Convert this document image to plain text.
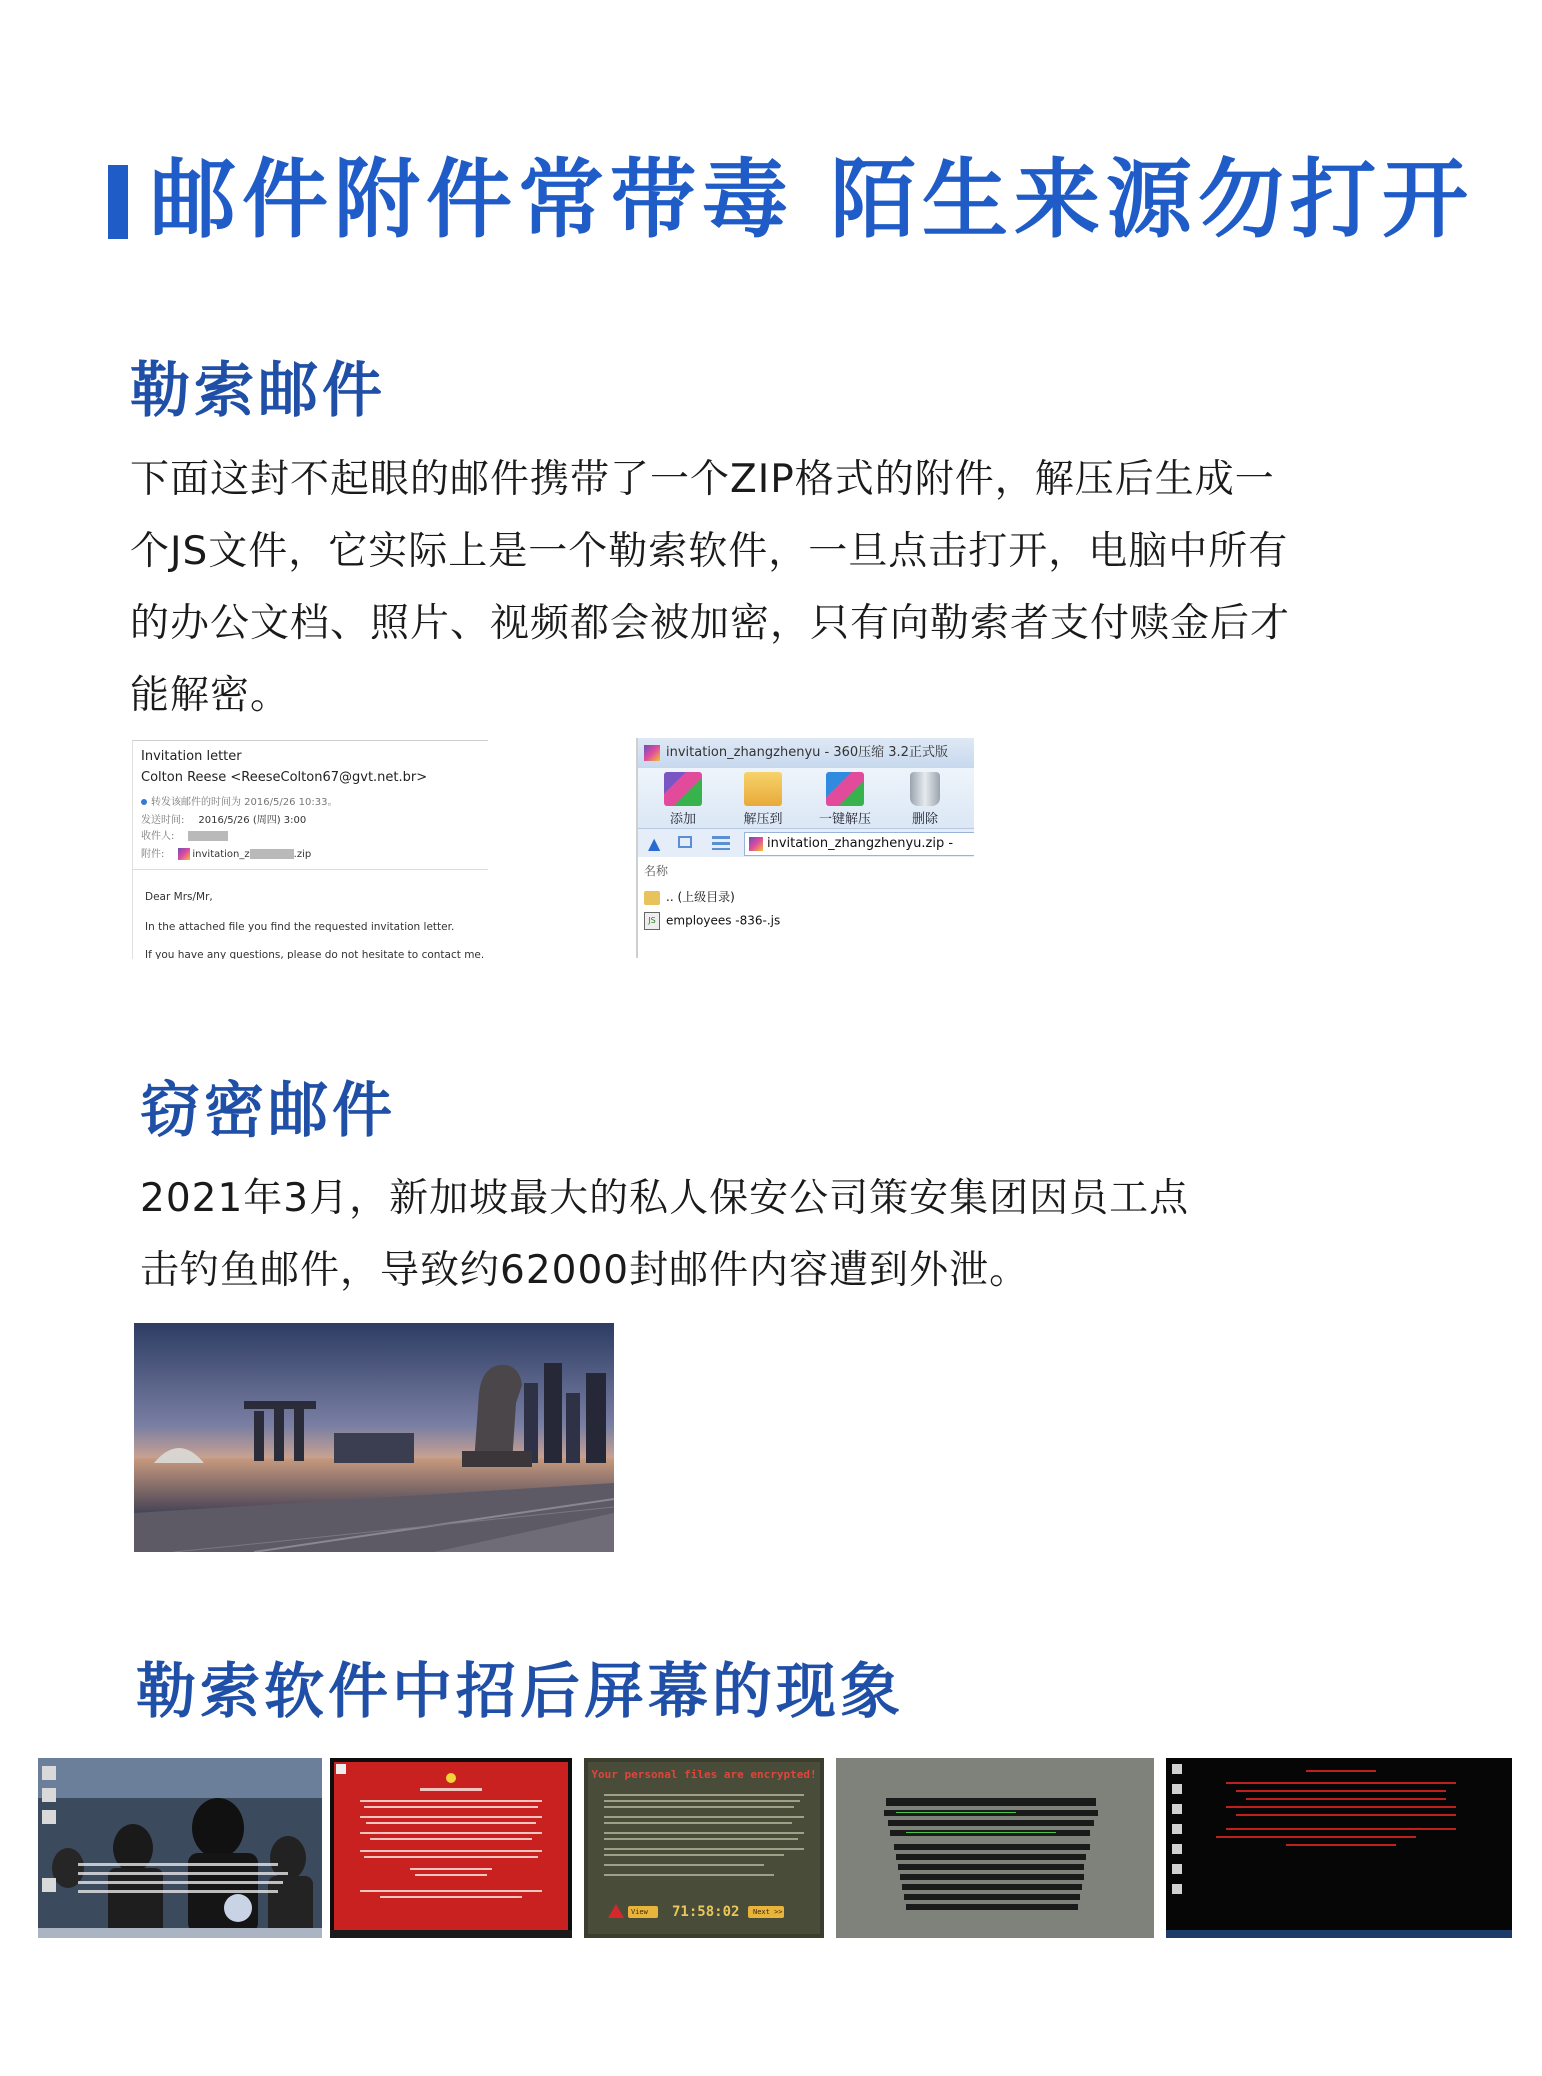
邮件附件常带毒 陌生来源勿打开
勒索邮件

下面这封不起眼的邮件携带了一个ZIP格式的附件，解压后生成一

个JS文件，它实际上是一个勒索软件，一旦点击打开，电脑中所有

的办公文档、照片、视频都会被加密，只有向勒索者支付赎金后才

能解密。

Invitation letter
Colton Reese <ReeseColton67@gvt.net.br>
转发该邮件的时间为 2016/5/26 10:33。
发送时间: 2016/5/26 (周四) 3:00
收件人:
附件:	invitation_z	.zip
Dear Mrs/Mr,
In the attached file you find the requested invitation letter.
If you have any questions, please do not hesitate to contact me.
invitation_zhangzhenyu - 360压缩 3.2正式版
添加	解压到	一键解压	删除
▲	invitation_zhangzhenyu.zip -
名称
.. (上级目录)
JS employees -836-.js
窃密邮件

2021年3月，新加坡最大的私人保安公司策安集团因员工点

击钓鱼邮件，导致约62000封邮件内容遭到外泄。

勒索软件中招后屏幕的现象
Your personal files are encrypted!
71:58:02
View	Next >>
